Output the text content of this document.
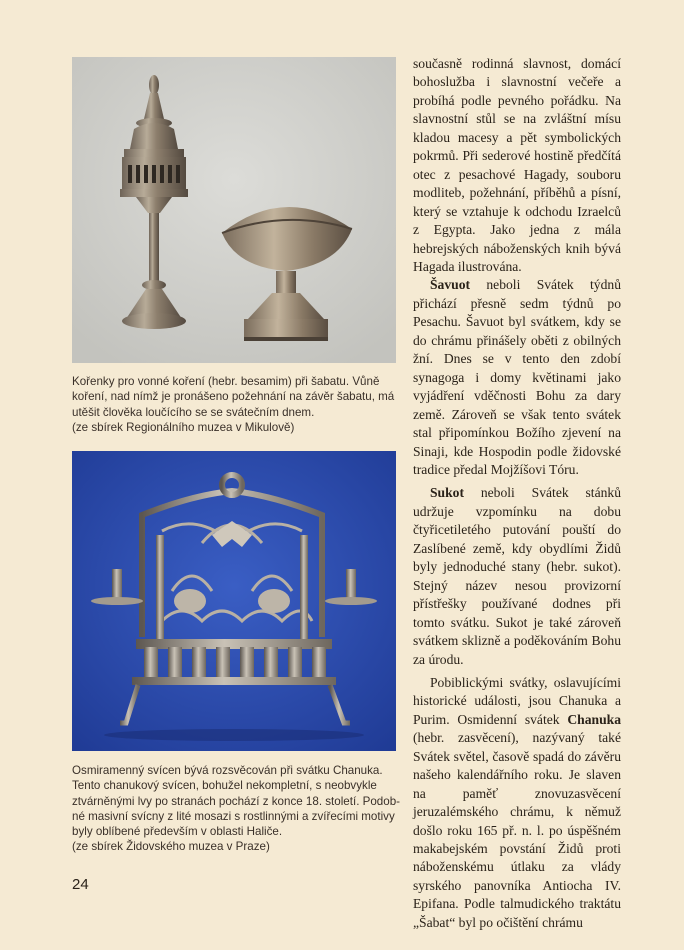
Kořenky pro vonné koření (hebr. besamim) při šabatu. Vůně

koření, nad nímž je pronášeno požehnání na závěr šabatu, má

utěšit člověka loučícího se se svátečním dnem.

(ze sbírek Regionálního muzea v Mikulově)

Osmiramenný svícen bývá rozsvěcován při svátku Chanuka.

Tento chanukový svícen, bohužel nekompletní, s neobvykle

ztvárněnými lvy po stranách pochází z konce 18. století. Podob-

né masivní svícny z lité mosazi s rostlinnými a zvířecími motivy

byly oblíbené především v oblasti Haliče.

(ze sbírek Židovského muzea v Praze)

současně rodinná slavnost, domácí bohoslužba i slavnostní večeře a probíhá podle pevného pořádku. Na slavnostní stůl se na zvláštní mísu kladou macesy a pět symbolických pokrmů. Při sederové hostině předčítá otec z pesachové Hagady, souboru modliteb, požehnání, příběhů a písní, který se vztahuje k odchodu Izraelců z Egypta. Jako jedna z mála hebrejských náboženských knih bývá Hagada ilustrována.

Šavuot neboli Svátek týdnů přichází přesně sedm týdnů po Pesachu. Šavuot byl svátkem, kdy se do chrámu přinášely oběti z obilných žní. Dnes se v tento den zdobí synagoga i domy květinami jako vyjádření vděčnosti Bohu za dary země. Zároveň se však tento svátek stal připomínkou Božího zjevení na Sinaji, kde Hospodin podle židovské tradice předal Mojžíšovi Tóru.

Sukot neboli Svátek stánků udržuje vzpomínku na dobu čtyřicetiletého putování pouští do Zaslíbené země, kdy obydlími Židů byly jednoduché stany (hebr. sukot). Stejný název nesou provizorní přístřešky používané dodnes při tomto svátku. Sukot je také zároveň svátkem sklizně a poděkováním Bohu za úrodu.

Pobiblickými svátky, oslavujícími historické události, jsou Chanuka a Purim. Osmidenní svátek Chanuka (hebr. zasvěcení), nazývaný také Svátek světel, časově spadá do závěru našeho kalendářního roku. Je slaven na paměť znovuzasvěcení jeruzalémského chrámu, k němuž došlo roku 165 př. n. l. po úspěšném makabejském povstání Židů proti náboženskému útlaku za vlády syrského panovníka Antiocha IV. Epifana. Podle talmudického traktátu „Šabat“ byl po očištění chrámu

24
